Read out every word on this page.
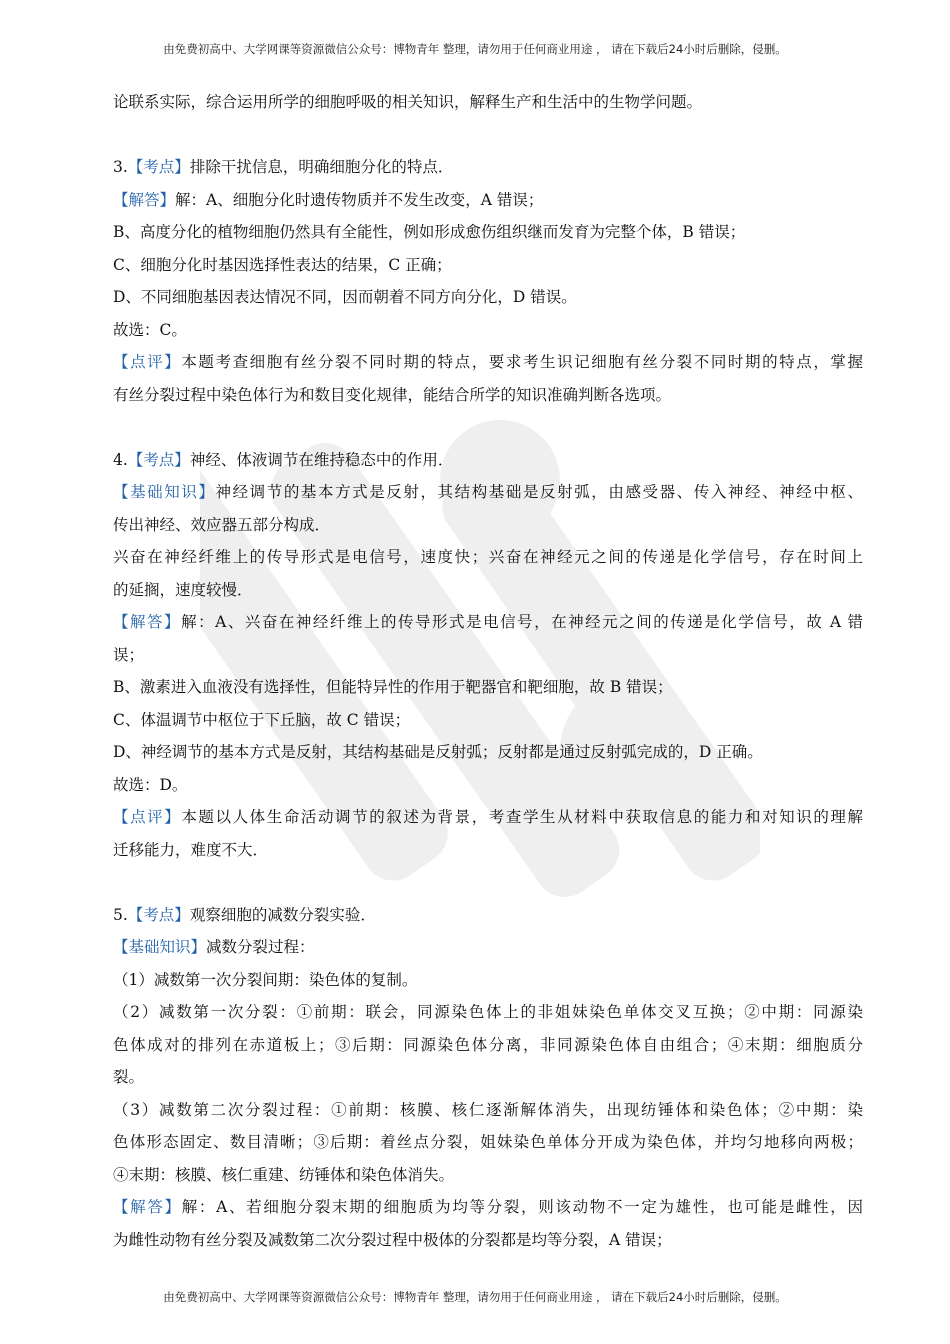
由免费初高中、大学网课等资源微信公众号：博物青年 整理，请勿用于任何商业用途 ， 请在下载后24小时后删除，侵删。
论联系实际，综合运用所学的细胞呼吸的相关知识，解释生产和生活中的生物学问题。
3.【考点】排除干扰信息，明确细胞分化的特点．
【解答】解：A、细胞分化时遗传物质并不发生改变，A 错误；
B、高度分化的植物细胞仍然具有全能性，例如形成愈伤组织继而发育为完整个体，B 错误；
C、细胞分化时基因选择性表达的结果，C 正确；
D、不同细胞基因表达情况不同，因而朝着不同方向分化，D 错误。
故选：C。
【点评】本题考查细胞有丝分裂不同时期的特点，要求考生识记细胞有丝分裂不同时期的特点，掌握
有丝分裂过程中染色体行为和数目变化规律，能结合所学的知识准确判断各选项。
4.【考点】神经、体液调节在维持稳态中的作用．
【基础知识】神经调节的基本方式是反射，其结构基础是反射弧，由感受器、传入神经、神经中枢、
传出神经、效应器五部分构成．
兴奋在神经纤维上的传导形式是电信号，速度快；兴奋在神经元之间的传递是化学信号，存在时间上
的延搁，速度较慢．
【解答】解：A、兴奋在神经纤维上的传导形式是电信号，在神经元之间的传递是化学信号，故 A 错
误；
B、激素进入血液没有选择性，但能特异性的作用于靶器官和靶细胞，故 B 错误；
C、体温调节中枢位于下丘脑，故 C 错误；
D、神经调节的基本方式是反射，其结构基础是反射弧；反射都是通过反射弧完成的，D 正确。
故选：D。
【点评】本题以人体生命活动调节的叙述为背景，考查学生从材料中获取信息的能力和对知识的理解
迁移能力，难度不大．
5.【考点】观察细胞的减数分裂实验．
【基础知识】减数分裂过程：
（1）减数第一次分裂间期：染色体的复制。
（2）减数第一次分裂：①前期：联会，同源染色体上的非姐妹染色单体交叉互换；②中期：同源染
色体成对的排列在赤道板上；③后期：同源染色体分离，非同源染色体自由组合；④末期：细胞质分
裂。
（3）减数第二次分裂过程：①前期：核膜、核仁逐渐解体消失，出现纺锤体和染色体；②中期：染
色体形态固定、数目清晰；③后期：着丝点分裂，姐妹染色单体分开成为染色体，并均匀地移向两极；
④末期：核膜、核仁重建、纺锤体和染色体消失。
【解答】解：A、若细胞分裂末期的细胞质为均等分裂，则该动物不一定为雄性，也可能是雌性，因
为雌性动物有丝分裂及减数第二次分裂过程中极体的分裂都是均等分裂，A 错误；
由免费初高中、大学网课等资源微信公众号：博物青年 整理，请勿用于任何商业用途 ， 请在下载后24小时后删除，侵删。
